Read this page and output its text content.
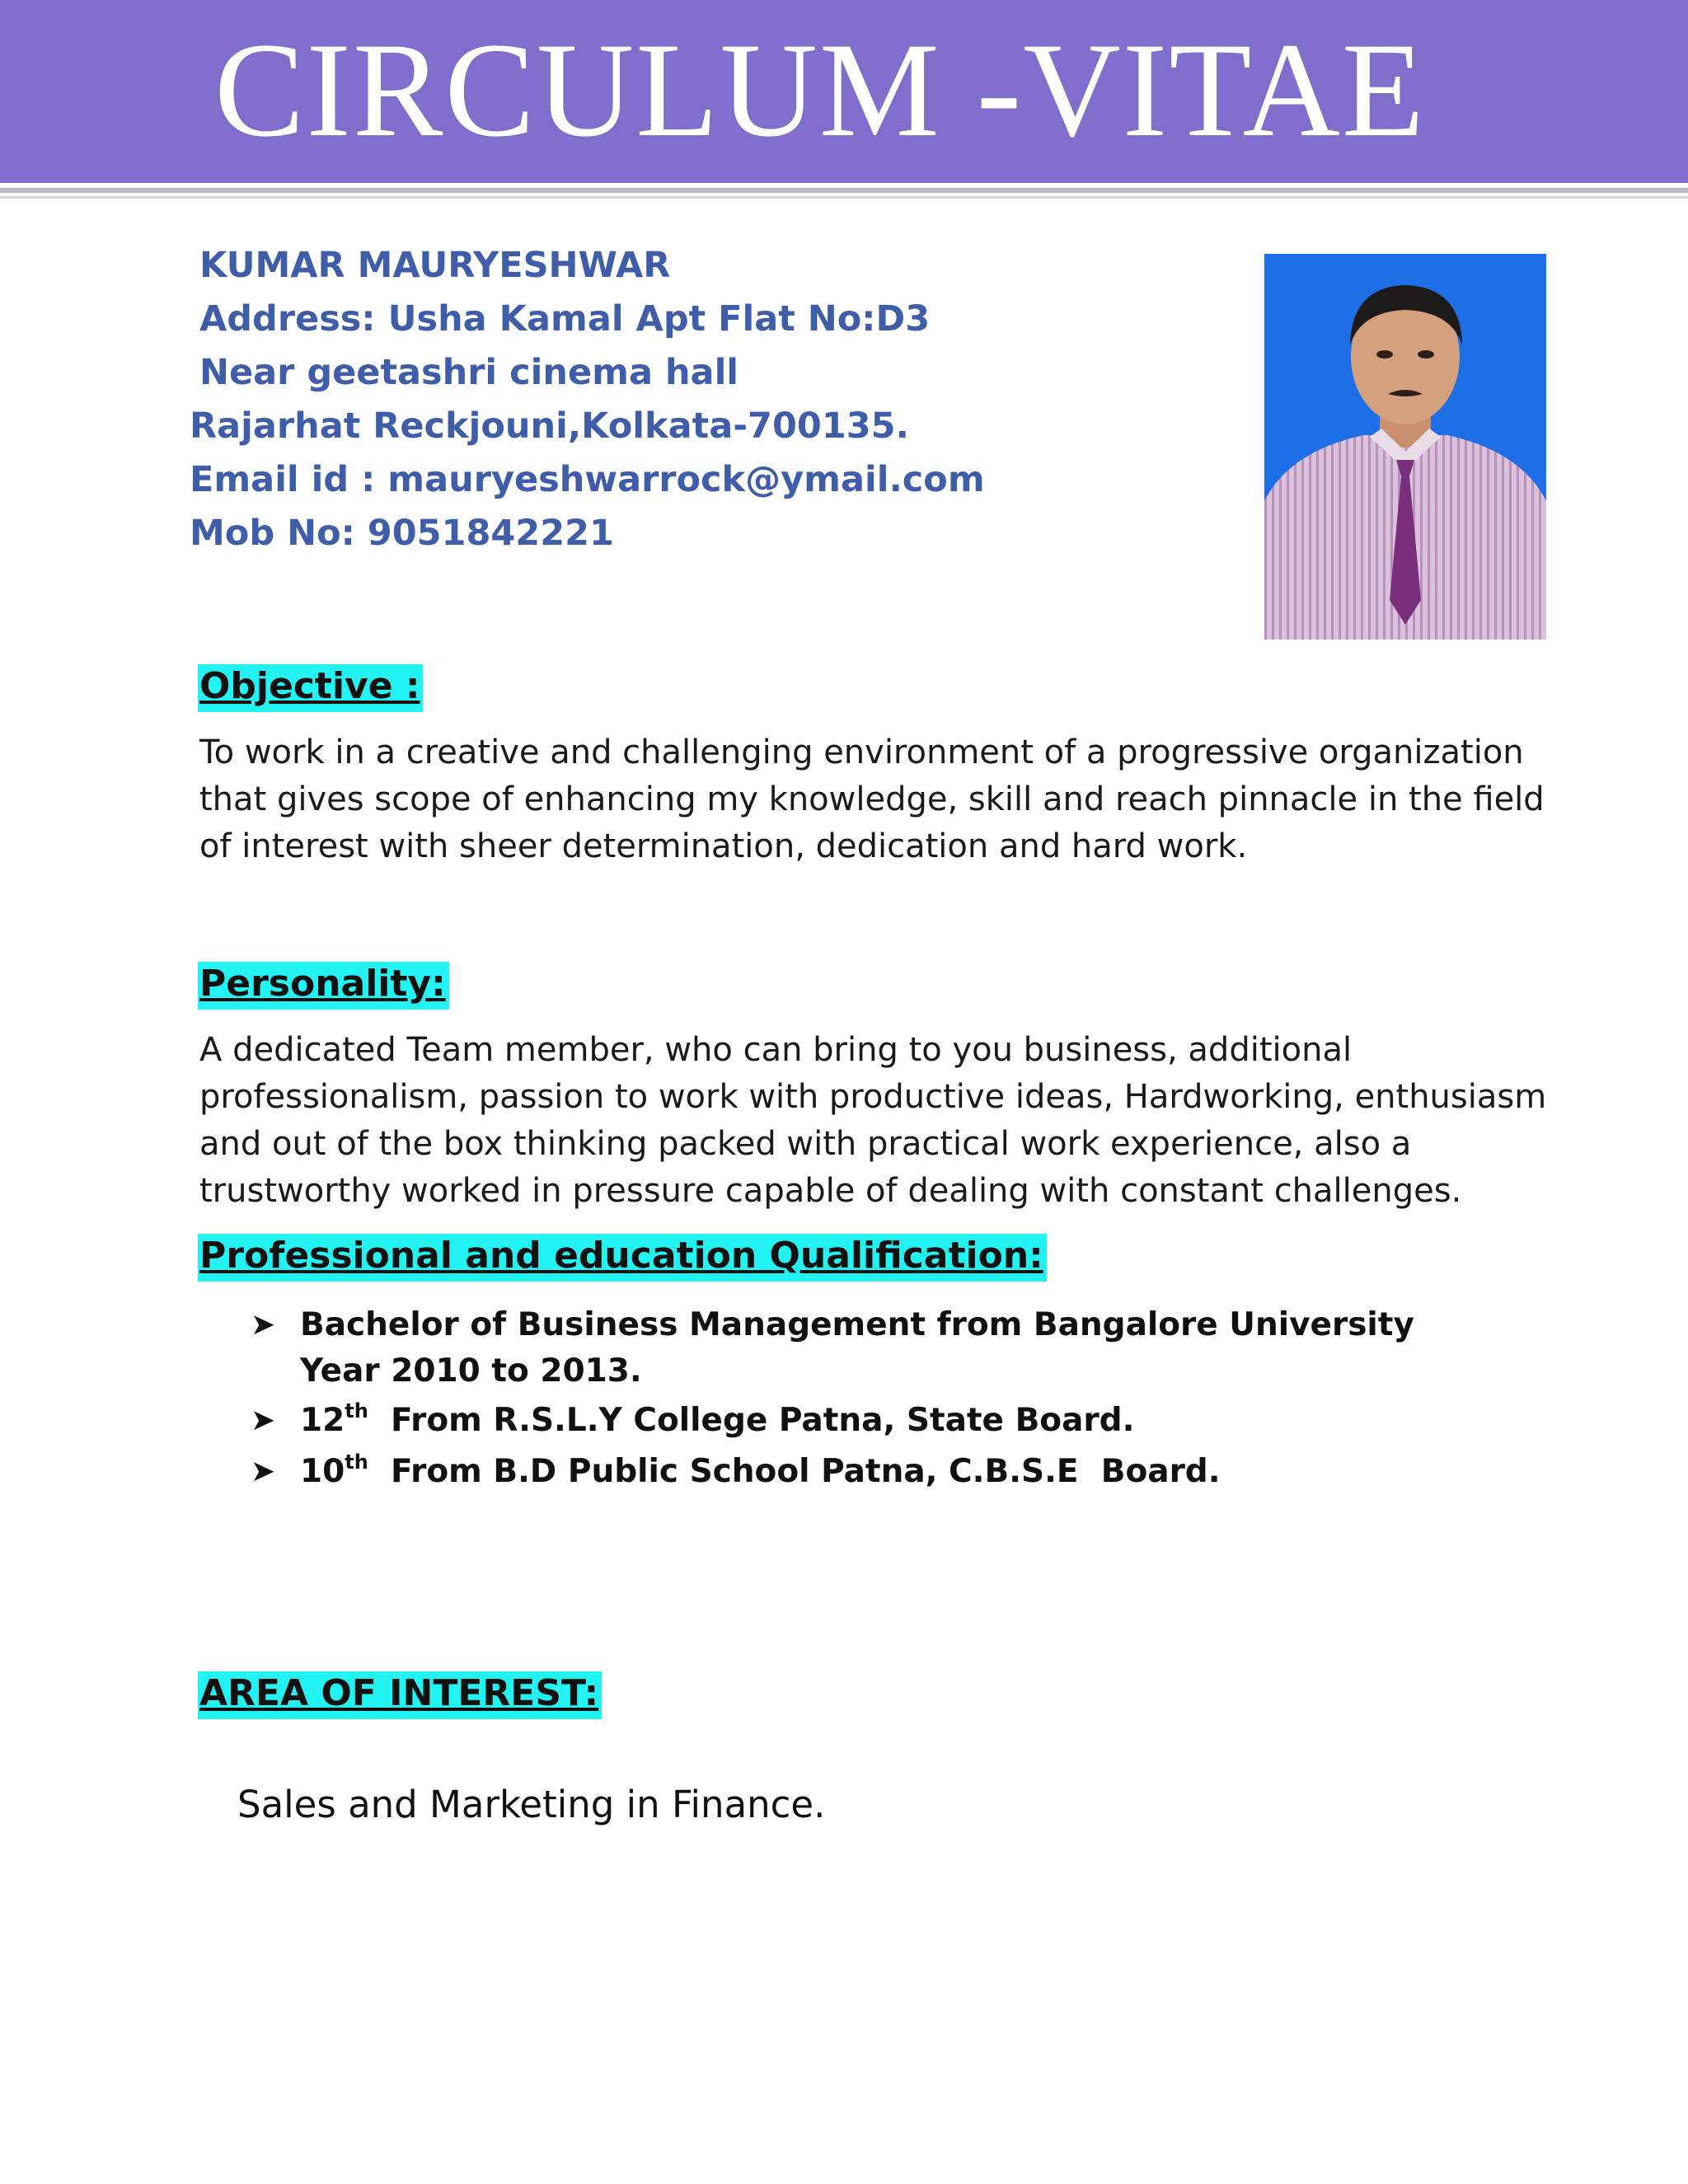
CIRCULUM -VITAE

KUMAR MAURYESHWAR

Address: Usha Kamal Apt Flat No:D3

Near geetashri cinema hall

Rajarhat Reckjouni,Kolkata-700135.

Email id : mauryeshwarrock@ymail.com

Mob No: 9051842221

Objective :
To work in a creative and challenging environment of a progressive organization
that gives scope of enhancing my knowledge, skill and reach pinnacle in the field
of interest with sheer determination, dedication and hard work.
Personality:
A dedicated Team member, who can bring to you business, additional
professionalism, passion to work with productive ideas, Hardworking, enthusiasm
and out of the box thinking packed with practical work experience, also a
trustworthy worked in pressure capable of dealing with constant challenges.
Professional and education Qualification:
➤ Bachelor of Business Management from Bangalore University
Year 2010 to 2013.
➤ 12th  From R.S.L.Y College Patna, State Board.
➤ 10th  From B.D Public School Patna, C.B.S.E  Board.
AREA OF INTEREST:

Sales and Marketing in Finance.
